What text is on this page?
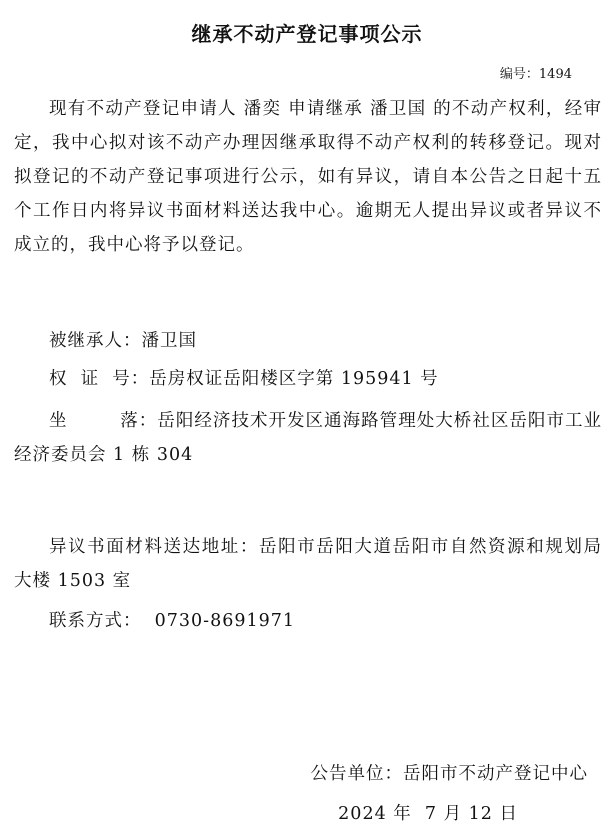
继承不动产登记事项公示
编号：1494

现有不动产登记申请人 潘奕 申请继承 潘卫国 的不动产权利，经审定，我中心拟对该不动产办理因继承取得不动产权利的转移登记。现对拟登记的不动产登记事项进行公示，如有异议，请自本公告之日起十五个工作日内将异议书面材料送达我中心。逾期无人提出异议或者异议不成立的，我中心将予以登记。

被继承人：潘卫国

权  证  号：岳房权证岳阳楼区字第 195941 号

坐        落：岳阳经济技术开发区通海路管理处大桥社区岳阳市工业经济委员会 1 栋 304

异议书面材料送达地址：岳阳市岳阳大道岳阳市自然资源和规划局大楼 1503 室

联系方式：  0730-8691971

公告单位：岳阳市不动产登记中心
2024 年  7 月 12 日
